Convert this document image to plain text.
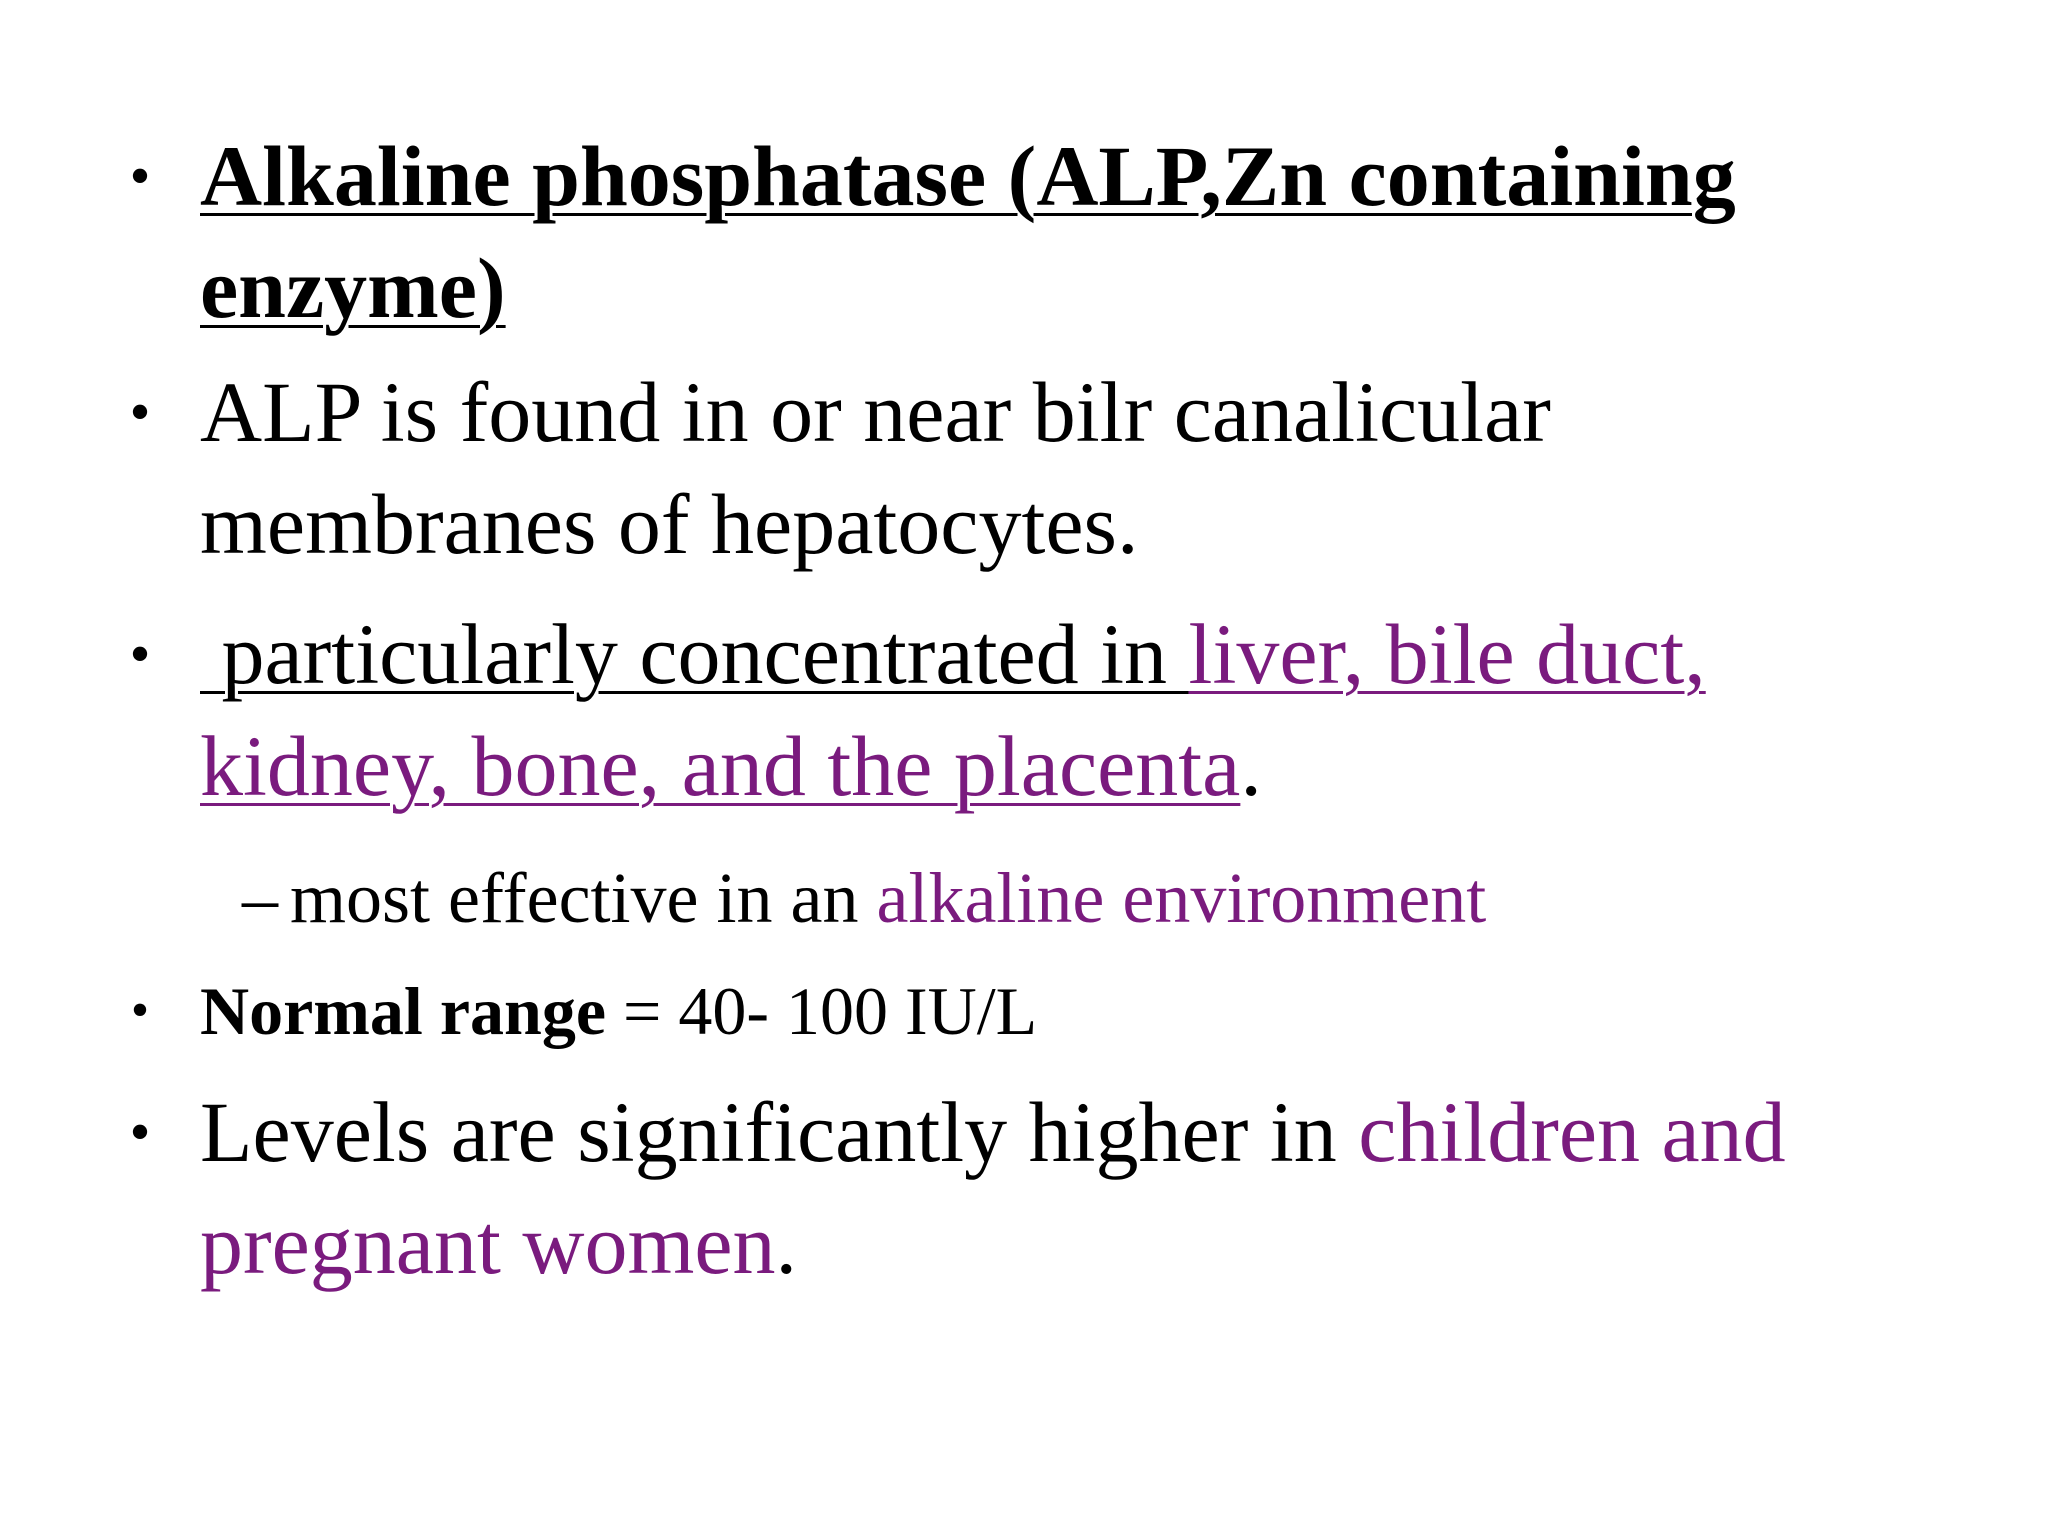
• Alkaline phosphatase (ALP,Zn containing
enzyme)
• ALP is found in or near bilr canalicular
membranes of hepatocytes.
• particularly concentrated in liver, bile duct,
kidney, bone, and the placenta.
– most effective in an alkaline environment
• Normal range = 40- 100 IU/L
• Levels are significantly higher in children and
pregnant women.
